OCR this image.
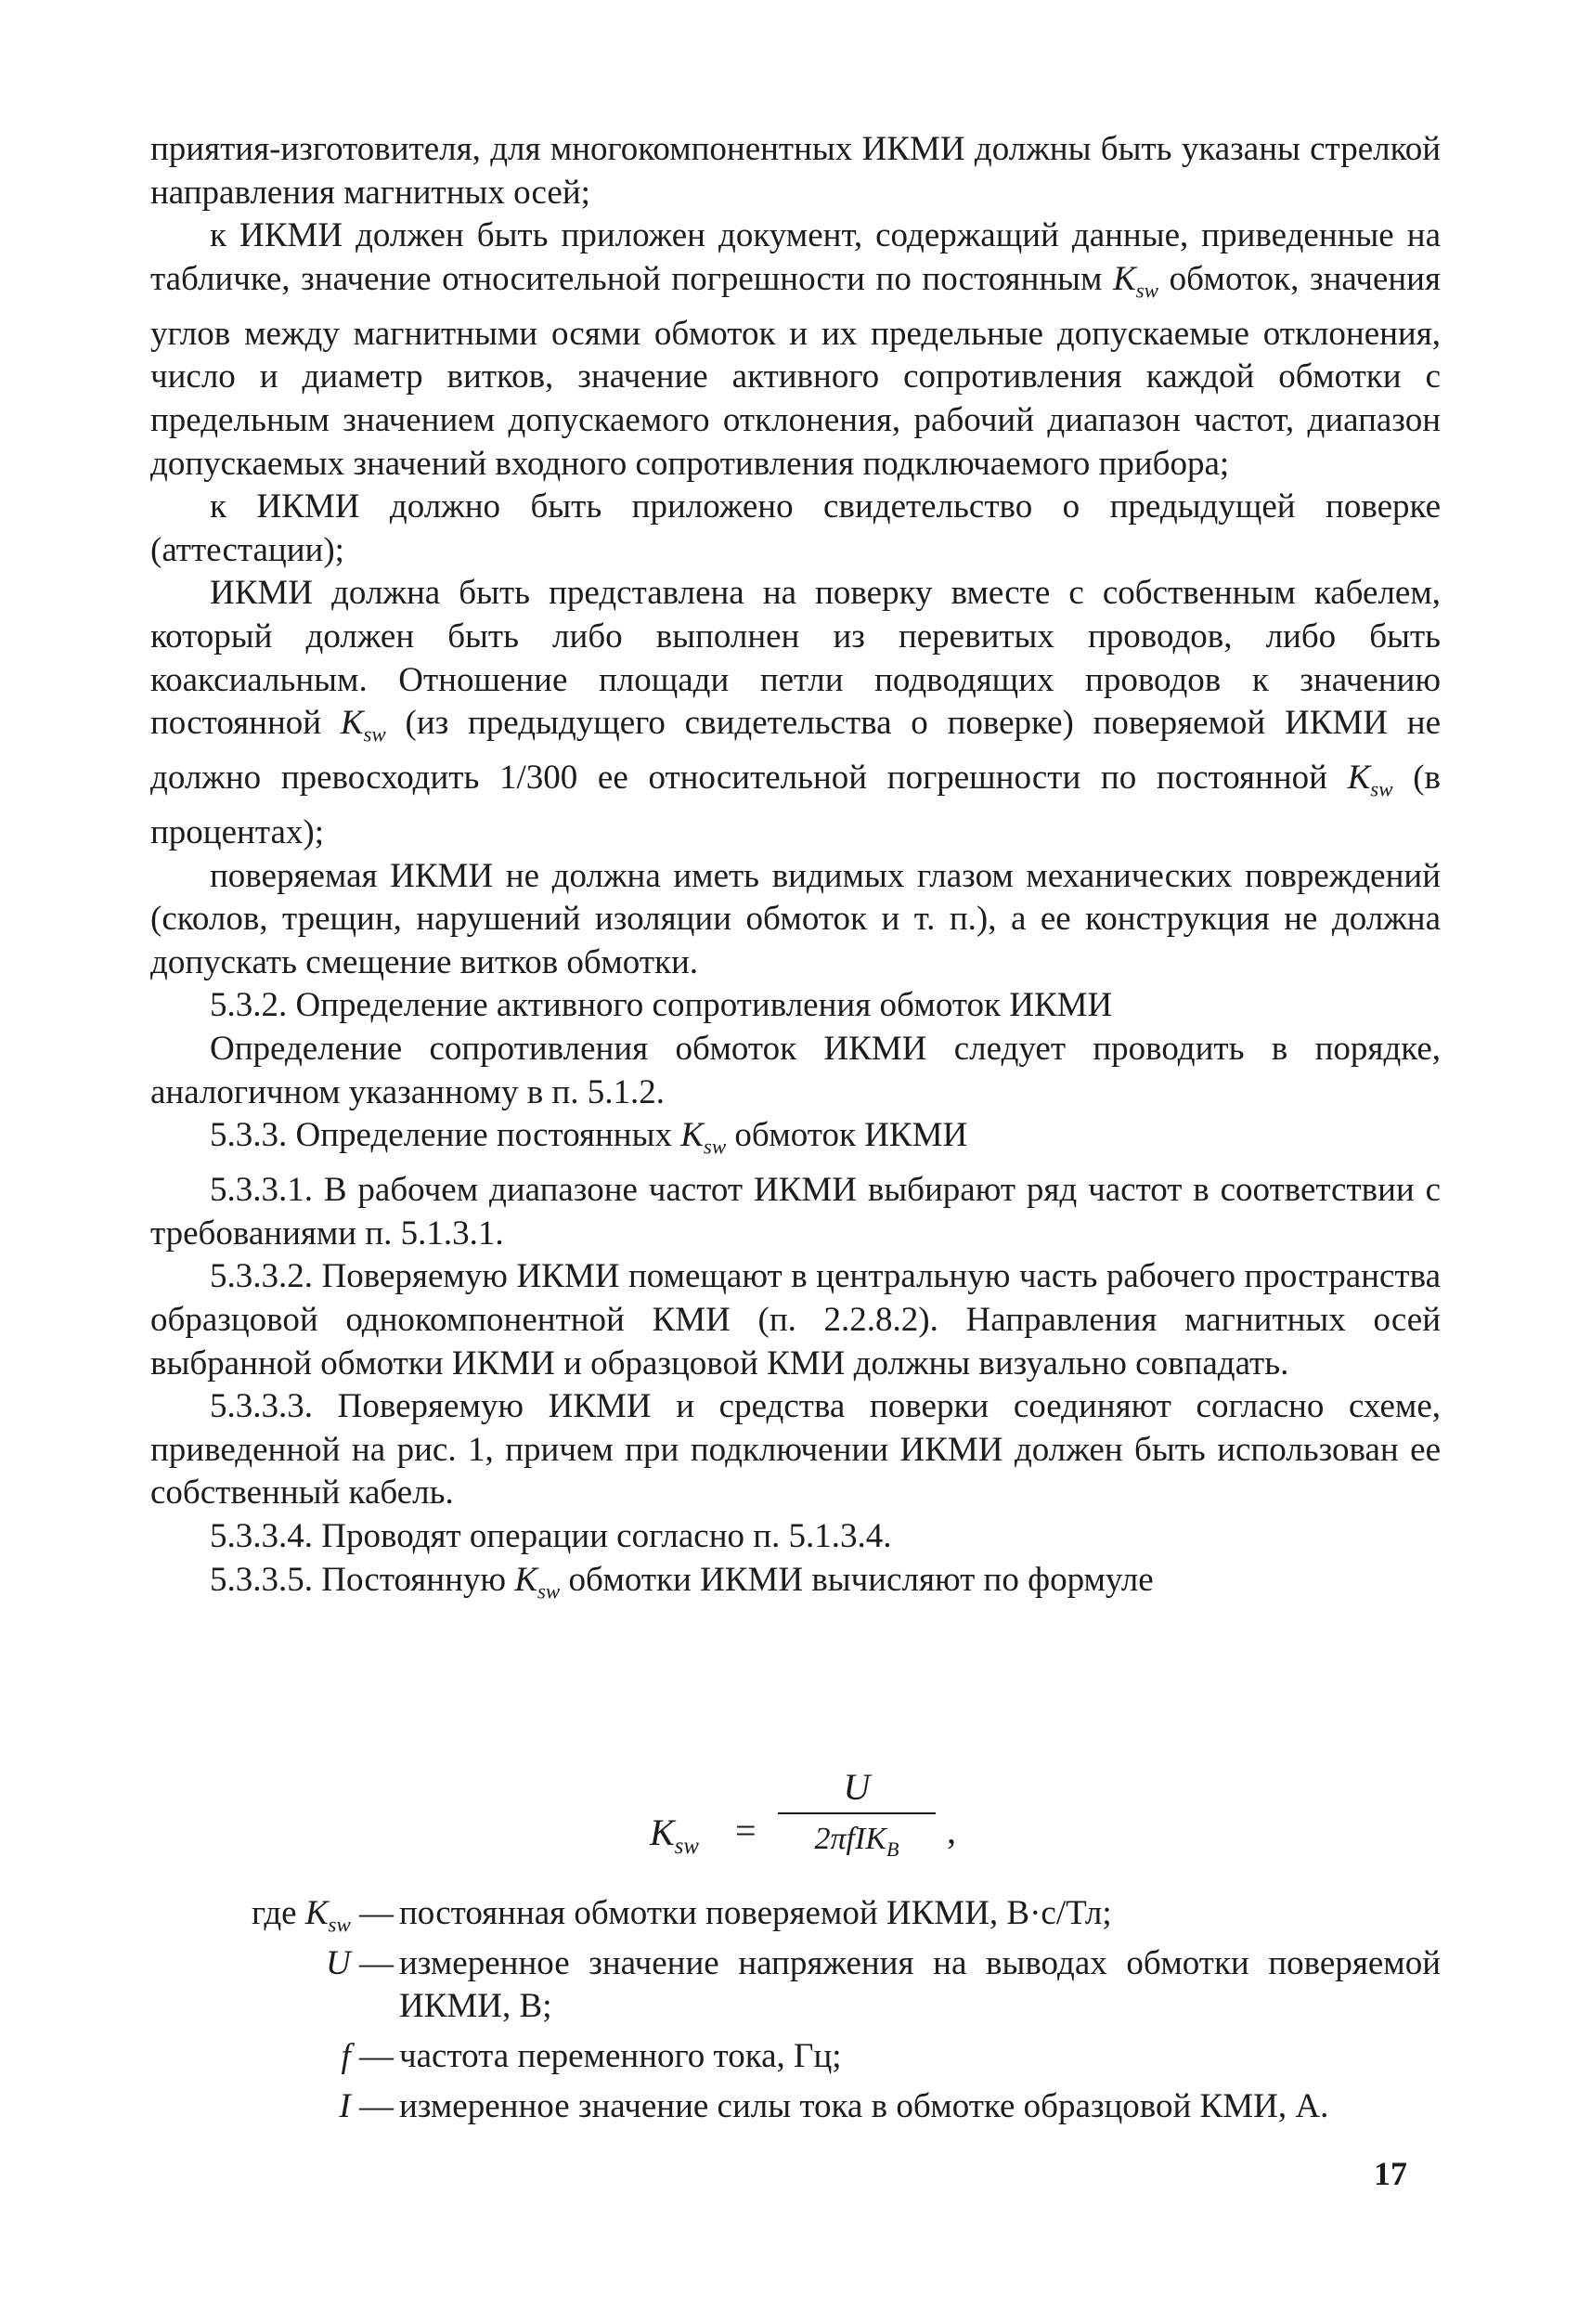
приятия-изготовителя, для многокомпонентных ИКМИ должны быть указаны стрелкой направления магнитных осей;

к ИКМИ должен быть приложен документ, содержащий данные, приведенные на табличке, значение относительной погрешности по постоянным $K_{sw}$ обмоток, значения углов между магнитными осями обмоток и их предельные допускаемые отклонения, число и диаметр витков, значение активного сопротивления каждой обмотки с предельным значением допускаемого отклонения, рабочий диапазон частот, диапазон допускаемых значений входного сопротивления подключаемого прибора;

к ИКМИ должно быть приложено свидетельство о предыдущей поверке (аттестации);

ИКМИ должна быть представлена на поверку вместе с собственным кабелем, который должен быть либо выполнен из перевитых проводов, либо быть коаксиальным. Отношение площади петли подводящих проводов к значению постоянной $K_{sw}$ (из предыдущего свидетельства о поверке) поверяемой ИКМИ не должно превосходить 1/300 ее относительной погрешности по постоянной $K_{sw}$ (в процентах);

поверяемая ИКМИ не должна иметь видимых глазом механических повреждений (сколов, трещин, нарушений изоляции обмоток и т. п.), а ее конструкция не должна допускать смещение витков обмотки.

5.3.2. Определение активного сопротивления обмоток ИКМИ

Определение сопротивления обмоток ИКМИ следует проводить в порядке, аналогичном указанному в п. 5.1.2.

5.3.3. Определение постоянных $K_{sw}$ обмоток ИКМИ

5.3.3.1. В рабочем диапазоне частот ИКМИ выбирают ряд частот в соответствии с требованиями п. 5.1.3.1.

5.3.3.2. Поверяемую ИКМИ помещают в центральную часть рабочего пространства образцовой однокомпонентной КМИ (п. 2.2.8.2). Направления магнитных осей выбранной обмотки ИКМИ и образцовой КМИ должны визуально совпадать.

5.3.3.3. Поверяемую ИКМИ и средства поверки соединяют согласно схеме, приведенной на рис. 1, причем при подключении ИКМИ должен быть использован ее собственный кабель.

5.3.3.4. Проводят операции согласно п. 5.1.3.4.

5.3.3.5. Постоянную $K_{sw}$ обмотки ИКМИ вычисляют по формуле

$K_{sw}$ =
U
2πfIK$_B$	,
где $K_{sw}$ — постоянная обмотки поверяемой ИКМИ, В·с/Тл;
U — измеренное значение напряжения на выводах обмотки поверяемой ИКМИ, В;
f — частота переменного тока, Гц;
I — измеренное значение силы тока в обмотке образцовой КМИ, А.
17
